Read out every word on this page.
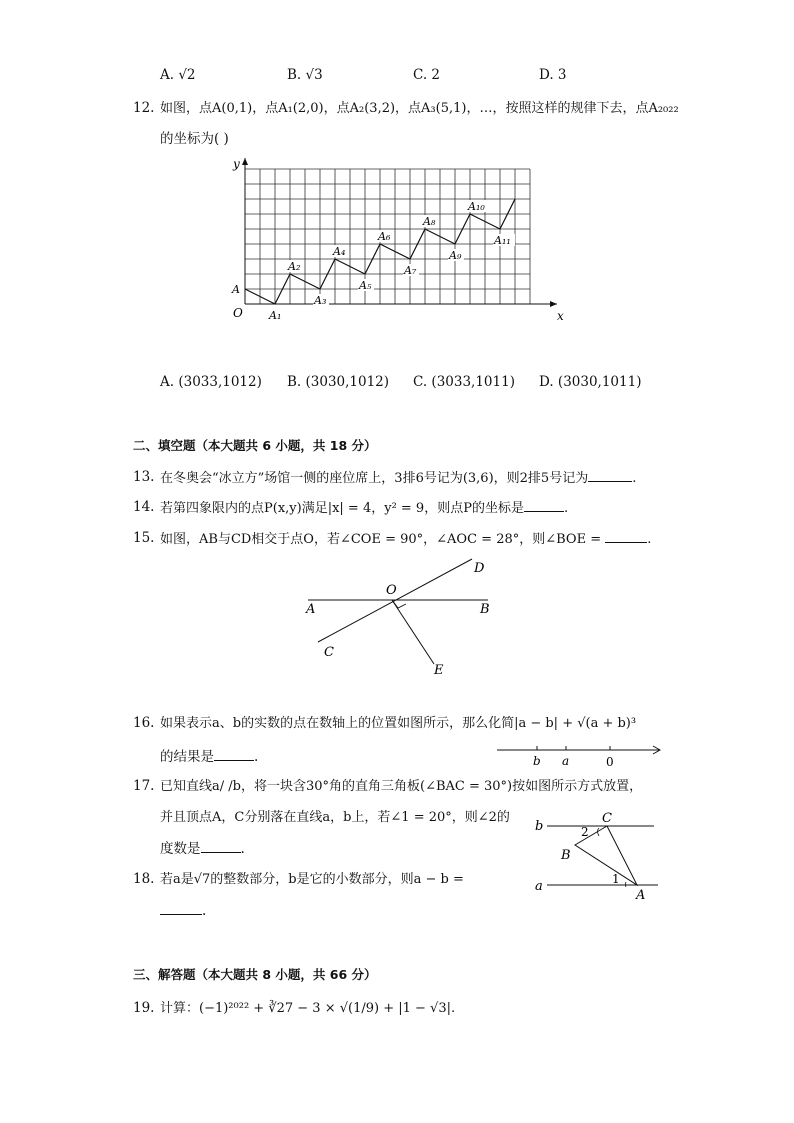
A. √2	B. √3	C. 2	D. 3
12. 如图，点A(0,1)，点A₁(2,0)，点A₂(3,2)，点A₃(5,1)，…，按照这样的规律下去，点A₂₀₂₂
的坐标为( )
y
x
O
A
A₁
A₂
A₃
A₄
A₅
A₆
A₇
A₈
A₉
A₁₀
A₁₁
A. (3033,1012) B. (3030,1012) C. (3033,1011) D. (3030,1011)
二、填空题（本大题共 6 小题，共 18 分）
13. 在冬奥会“冰立方”场馆一侧的座位席上，3排6号记为(3,6)，则2排5号记为	.
14. 若第四象限内的点P(x,y)满足|x| = 4，y² = 9，则点P的坐标是	.
15. 如图，AB与CD相交于点O，若∠COE = 90°，∠AOC = 28°，则∠BOE =	.
A	B
C
D
E
O
16. 如果表示a、b的实数的点在数轴上的位置如图所示，那么化简|a − b| + √(a + b)³
的结果是	.	b a	0
17. 已知直线a/ /b，将一块含30°角的直角三角板(∠BAC = 30°)按如图所示方式放置，
并且顶点A，C分别落在直线a，b上，若∠1 = 20°，则∠2的
度数是	.
b
a
C
B
A
1
2
18. 若a是√7的整数部分，b是它的小数部分，则a − b =
.
三、解答题（本大题共 8 小题，共 66 分）
19. 计算：(−1)²⁰²² + ∛27 − 3 × √(1/9) + |1 − √3|.
